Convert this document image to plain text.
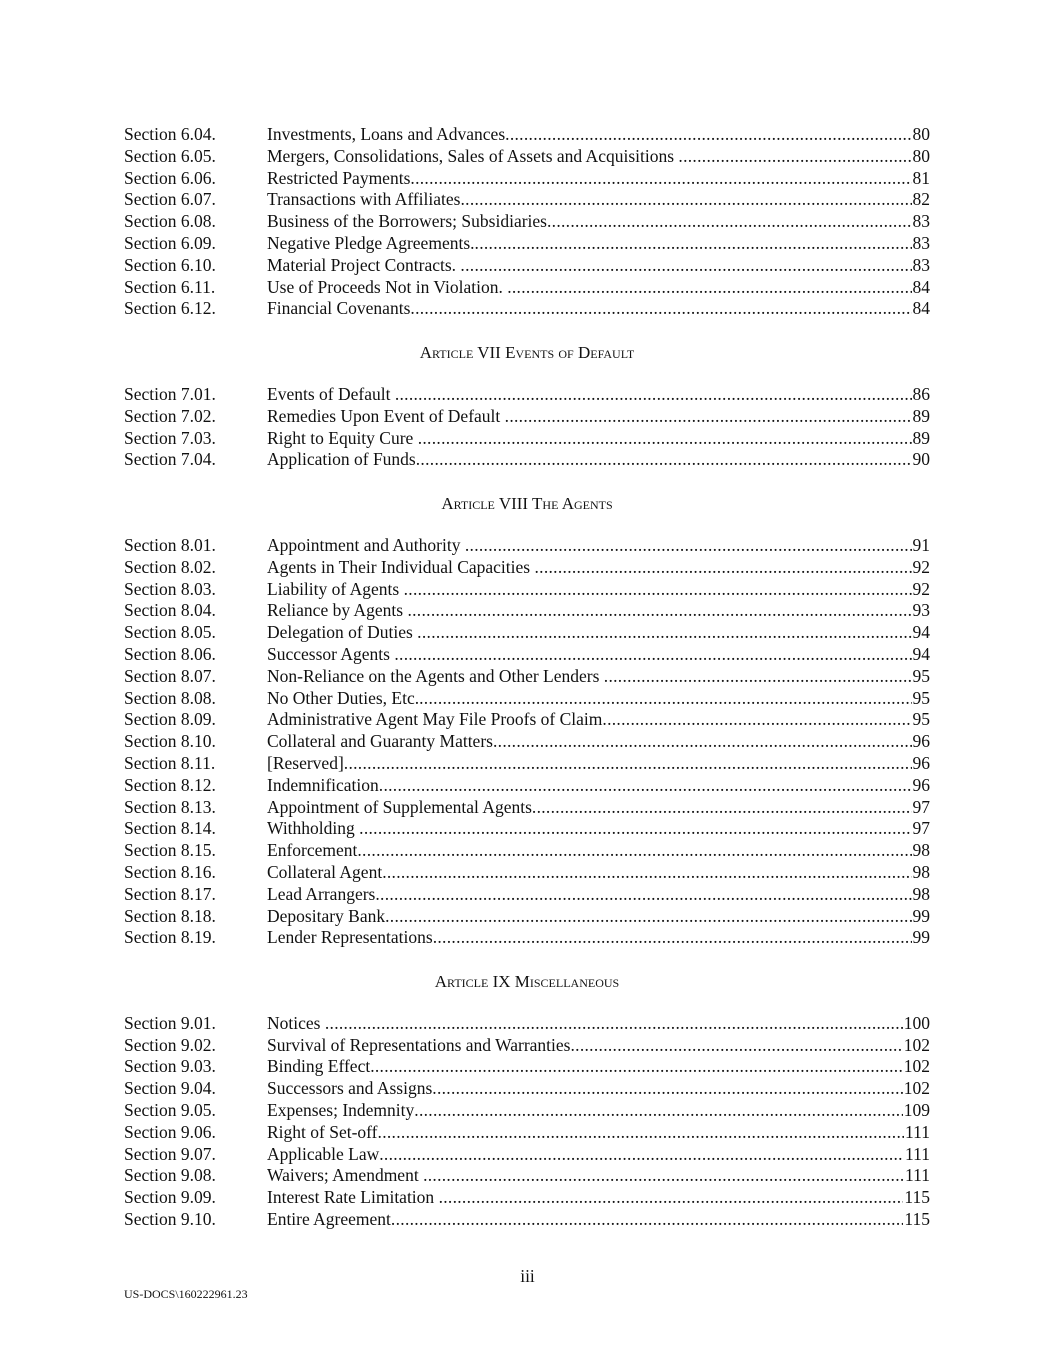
Section 6.04.	Investments, Loans and Advances .....	80
Section 6.05.	Mergers, Consolidations, Sales of Assets and Acquisitions .....	80
Section 6.06.	Restricted Payments .....	81
Section 6.07.	Transactions with Affiliates .....	82
Section 6.08.	Business of the Borrowers; Subsidiaries .....	83
Section 6.09.	Negative Pledge Agreements. .....	83
Section 6.10.	Material Project Contracts. .....	83
Section 6.11.	Use of Proceeds Not in Violation. .....	84
Section 6.12.	Financial Covenants .....	84
Article VII Events of Default
Section 7.01.	Events of Default .....	86
Section 7.02.	Remedies Upon Event of Default .....	89
Section 7.03.	Right to Equity Cure .....	89
Section 7.04.	Application of Funds .....	90
Article VIII The Agents
Section 8.01.	Appointment and Authority .....	91
Section 8.02.	Agents in Their Individual Capacities .....	92
Section 8.03.	Liability of Agents .....	92
Section 8.04.	Reliance by Agents .....	93
Section 8.05.	Delegation of Duties .....	94
Section 8.06.	Successor Agents .....	94
Section 8.07.	Non-Reliance on the Agents and Other Lenders .....	95
Section 8.08.	No Other Duties, Etc. .....	95
Section 8.09.	Administrative Agent May File Proofs of Claim .....	95
Section 8.10.	Collateral and Guaranty Matters .....	96
Section 8.11.	[Reserved] .....	96
Section 8.12.	Indemnification .....	96
Section 8.13.	Appointment of Supplemental Agents .....	97
Section 8.14.	Withholding .....	97
Section 8.15.	Enforcement .....	98
Section 8.16.	Collateral Agent .....	98
Section 8.17.	Lead Arrangers .....	98
Section 8.18.	Depositary Bank .....	99
Section 8.19.	Lender Representations .....	99
Article IX Miscellaneous
Section 9.01.	Notices .....	100
Section 9.02.	Survival of Representations and Warranties .....	102
Section 9.03.	Binding Effect .....	102
Section 9.04.	Successors and Assigns .....	102
Section 9.05.	Expenses; Indemnity .....	109
Section 9.06.	Right of Set-off .....	111
Section 9.07.	Applicable Law .....	111
Section 9.08.	Waivers; Amendment .....	111
Section 9.09.	Interest Rate Limitation .....	115
Section 9.10.	Entire Agreement .....	115
iii
US-DOCS\160222961.23
